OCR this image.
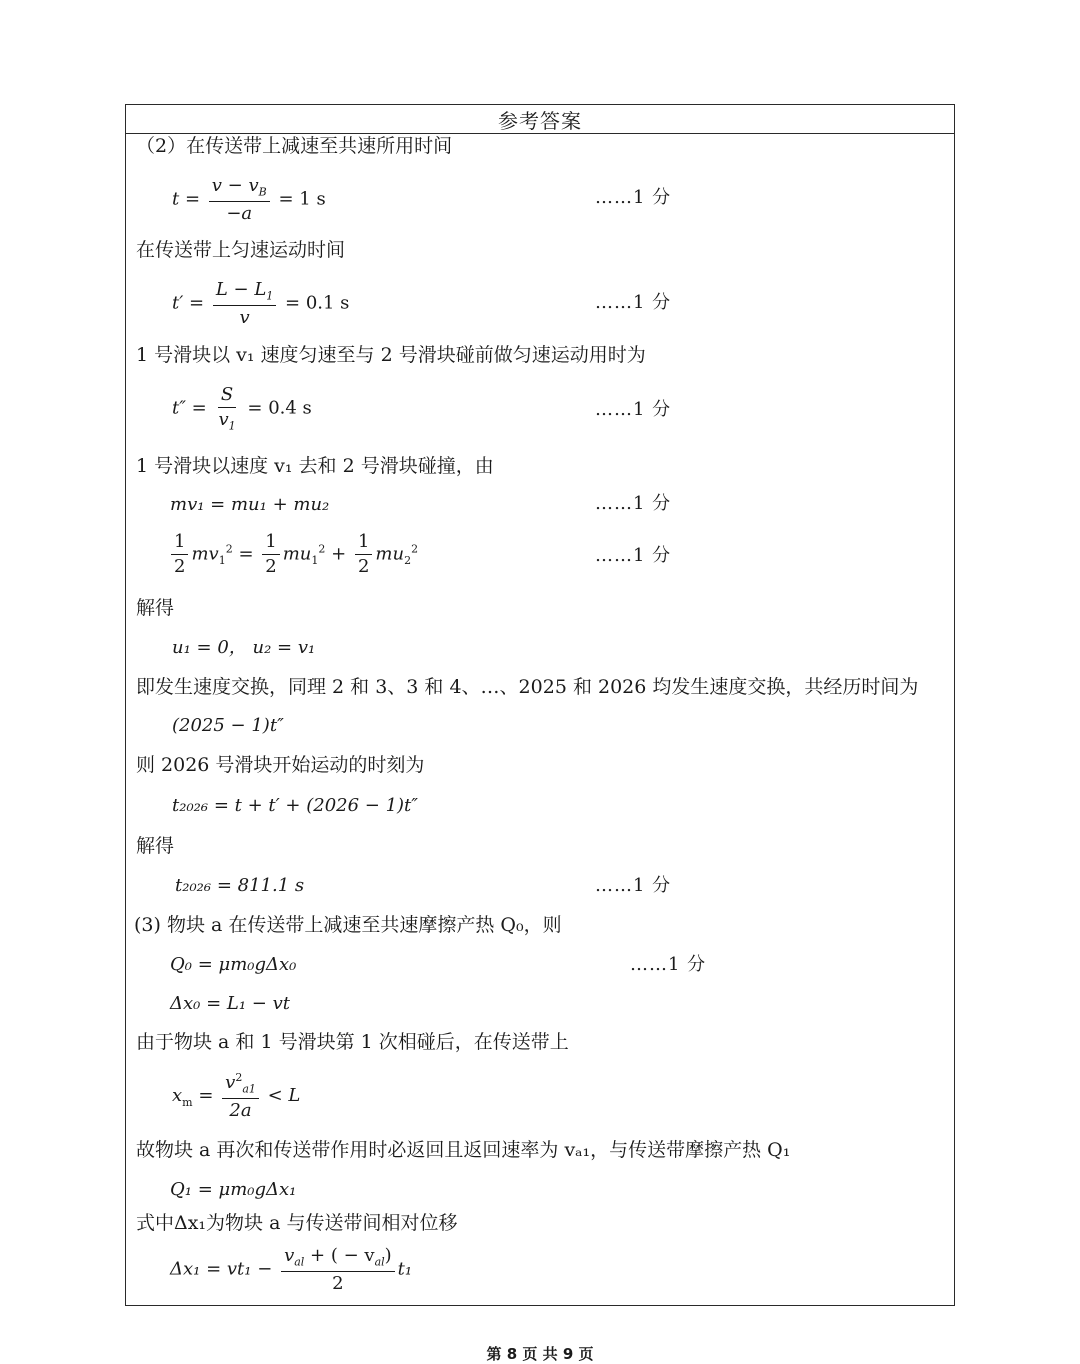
参考答案
（2）在传送带上减速至共速所用时间
$t = \frac{v - v_B}{-a} = 1$ s	……1 分
在传送带上匀速运动时间
$t' = \frac{L - L_1}{v} = 0.1$ s	……1 分
1 号滑块以 v₁ 速度匀速至与 2 号滑块碰前做匀速运动用时为
$t'' = \frac{S}{v_1} = 0.4$ s	……1 分
1 号滑块以速度 v₁ 去和 2 号滑块碰撞，由
mv₁ = mu₁ + mu₂	……1 分
$\frac{1}{2} mv_1^2 = \frac{1}{2} mu_1^2 + \frac{1}{2} mu_2^2$	……1 分
解得
u₁ = 0， u₂ = v₁
即发生速度交换，同理 2 和 3、3 和 4、…、2025 和 2026 均发生速度交换，共经历时间为
(2025 − 1)t″
则 2026 号滑块开始运动的时刻为
t₂₀₂₆ = t + t′ + (2026 − 1)t″
解得
t₂₀₂₆ = 811.1 s	……1 分
(3) 物块 a 在传送带上减速至共速摩擦产热 Q₀，则
Q₀ = μm₀gΔx₀	……1 分
Δx₀ = L₁ − vt
由于物块 a 和 1 号滑块第 1 次相碰后，在传送带上
$x_m = \frac{v^2_{a1}}{2a} < L$
故物块 a 再次和传送带作用时必返回且返回速率为 vₐ₁，与传送带摩擦产热 Q₁
Q₁ = μm₀gΔx₁
式中Δx₁为物块 a 与传送带间相对位移
$\Delta x_1 = vt_1 - \frac{v_{al} + ( - v_{al})}{2} t_1$
第 8 页 共 9 页
